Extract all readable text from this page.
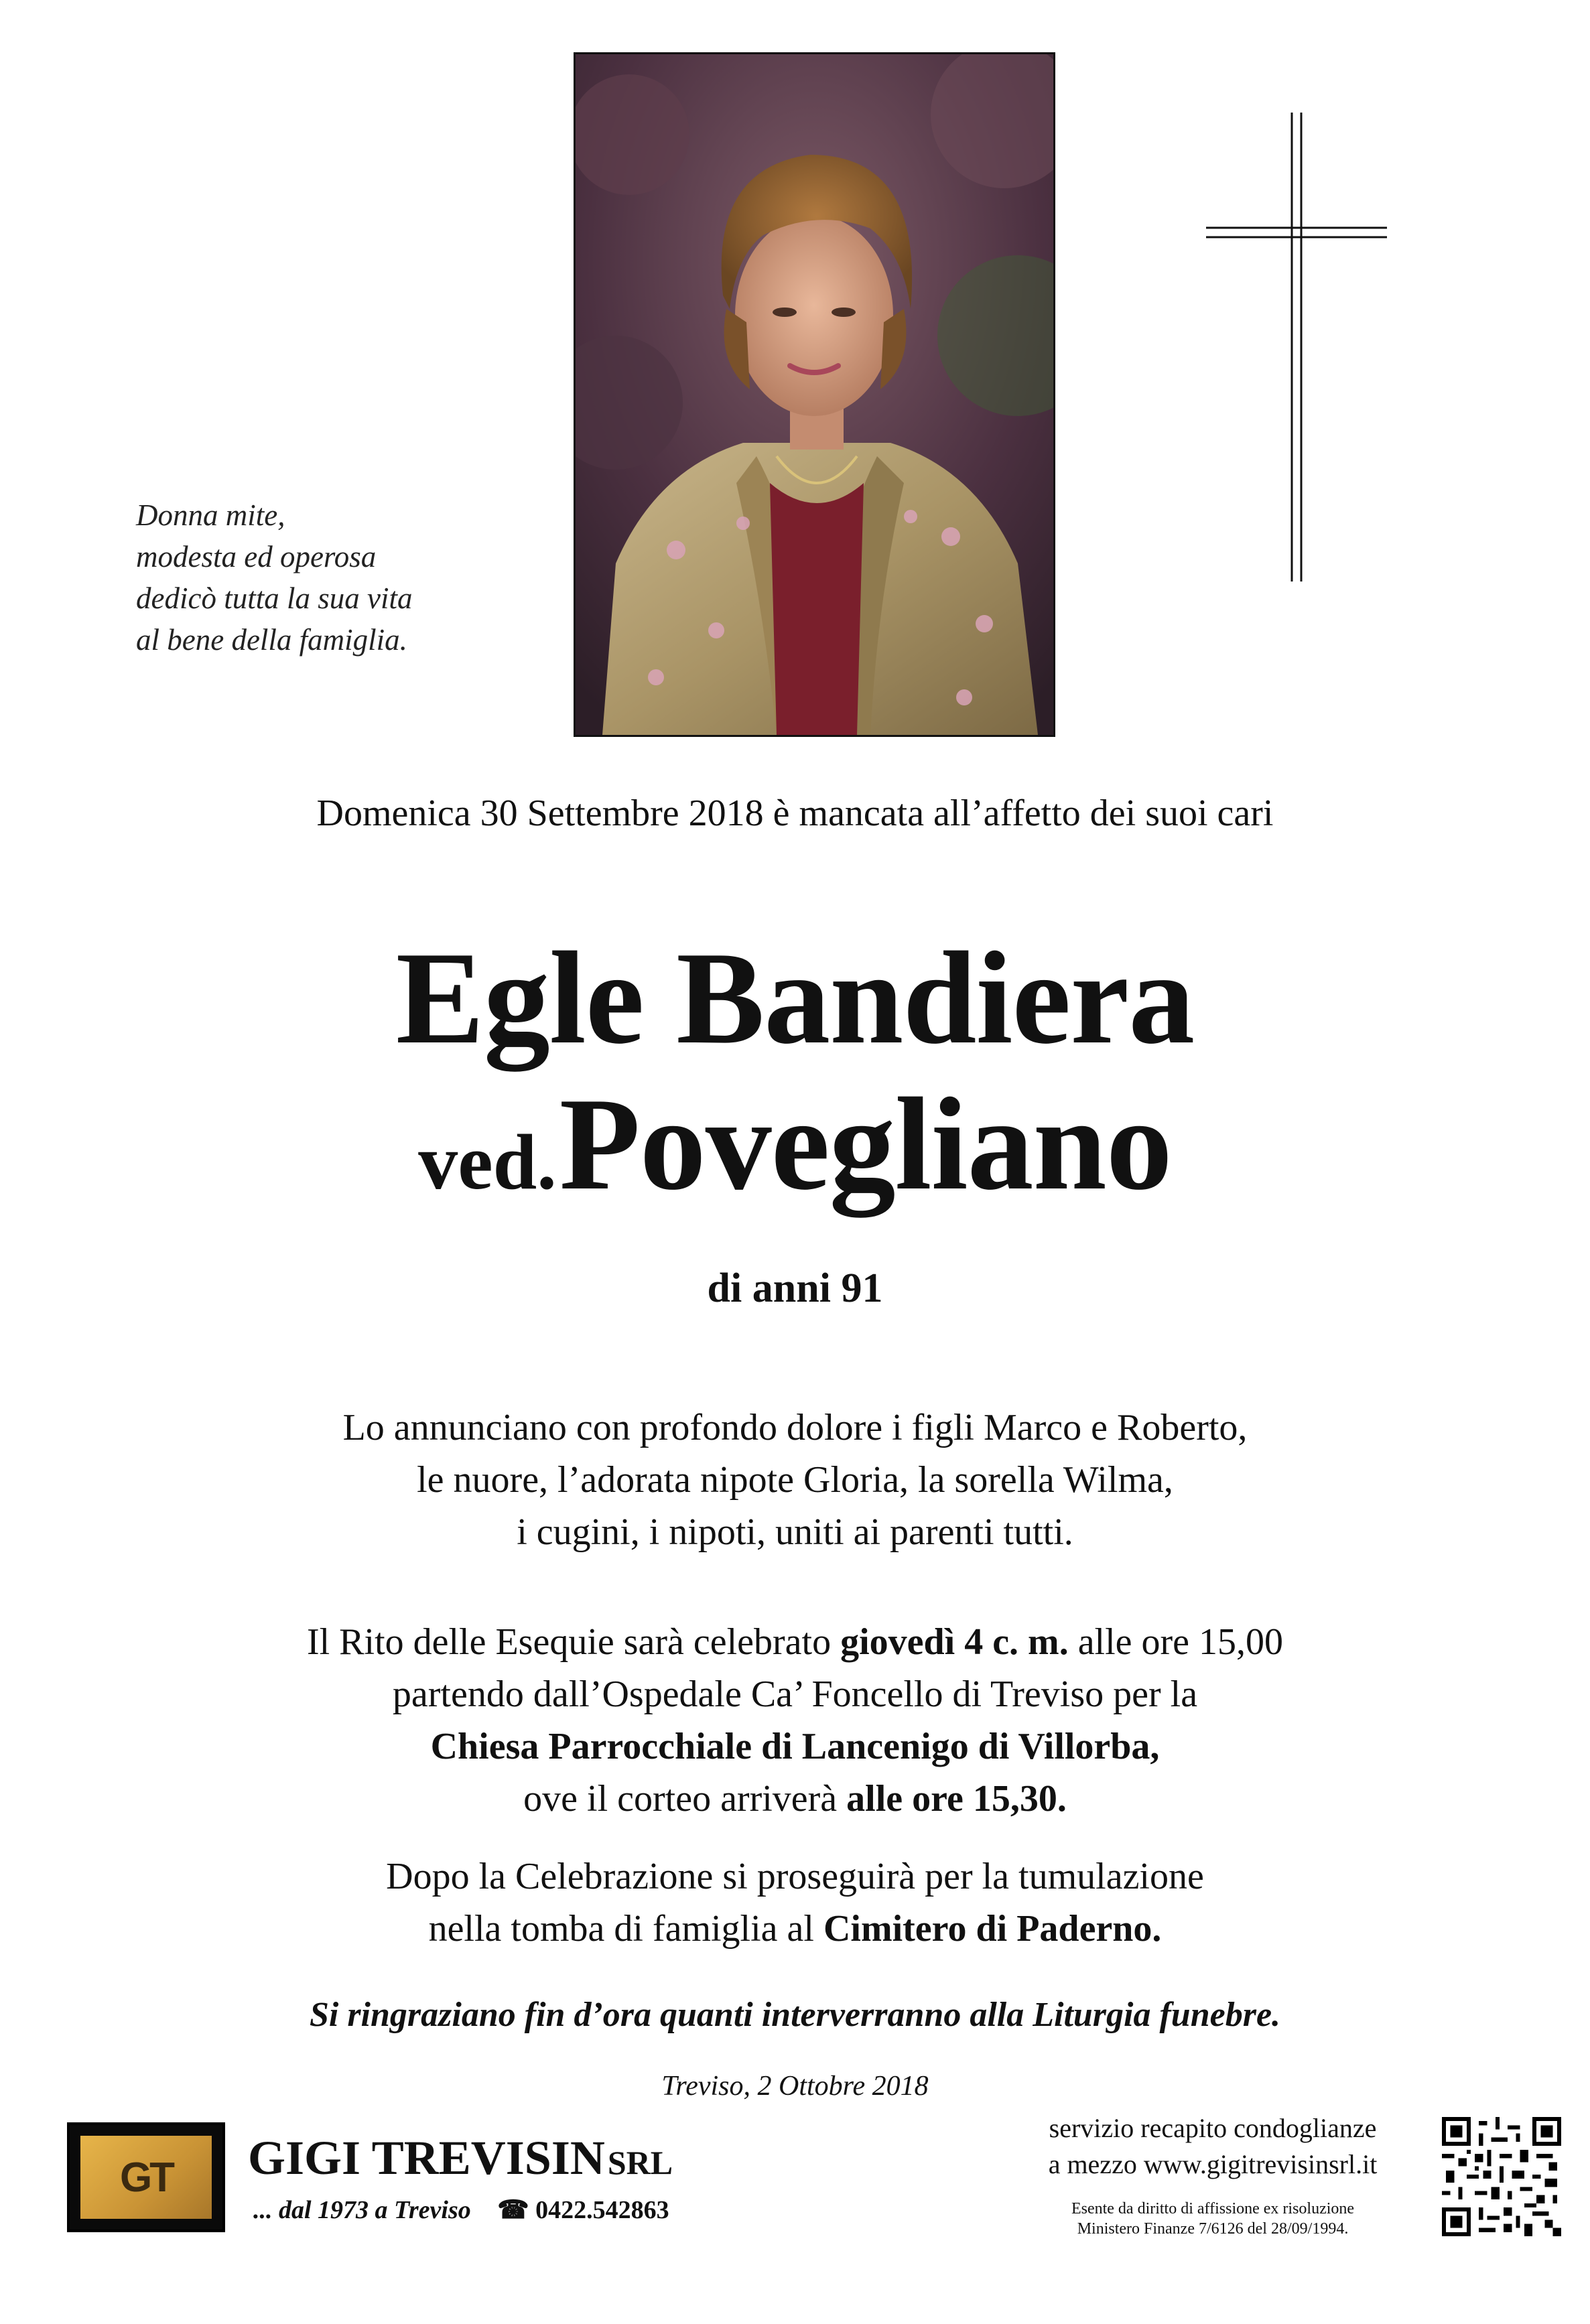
Donna mite,
modesta ed operosa
dedicò tutta la sua vita
al bene della famiglia.
Domenica 30 Settembre 2018 è mancata all’affetto dei suoi cari
Egle Bandiera
ved. Povegliano
di anni 91
Lo annunciano con profondo dolore i figli Marco e Roberto,
le nuore, l’adorata nipote Gloria, la sorella Wilma,
i cugini, i nipoti, uniti ai parenti tutti.
Il Rito delle Esequie sarà celebrato giovedì 4 c. m. alle ore 15,00
partendo dall’Ospedale Ca’ Foncello di Treviso per la
Chiesa Parrocchiale di Lancenigo di Villorba,
ove il corteo arriverà alle ore 15,30.
Dopo la Celebrazione si proseguirà per la tumulazione
nella tomba di famiglia al Cimitero di Paderno.
Si ringraziano fin d’ora quanti interverranno alla Liturgia funebre.
Treviso, 2 Ottobre 2018
GT	GIGI TREVISIN SRL
... dal 1973 a Treviso ☎ 0422.542863
servizio recapito condoglianze
a mezzo www.gigitrevisinsrl.it
Esente da diritto di affissione ex risoluzione
Ministero Finanze 7/6126 del 28/09/1994.
